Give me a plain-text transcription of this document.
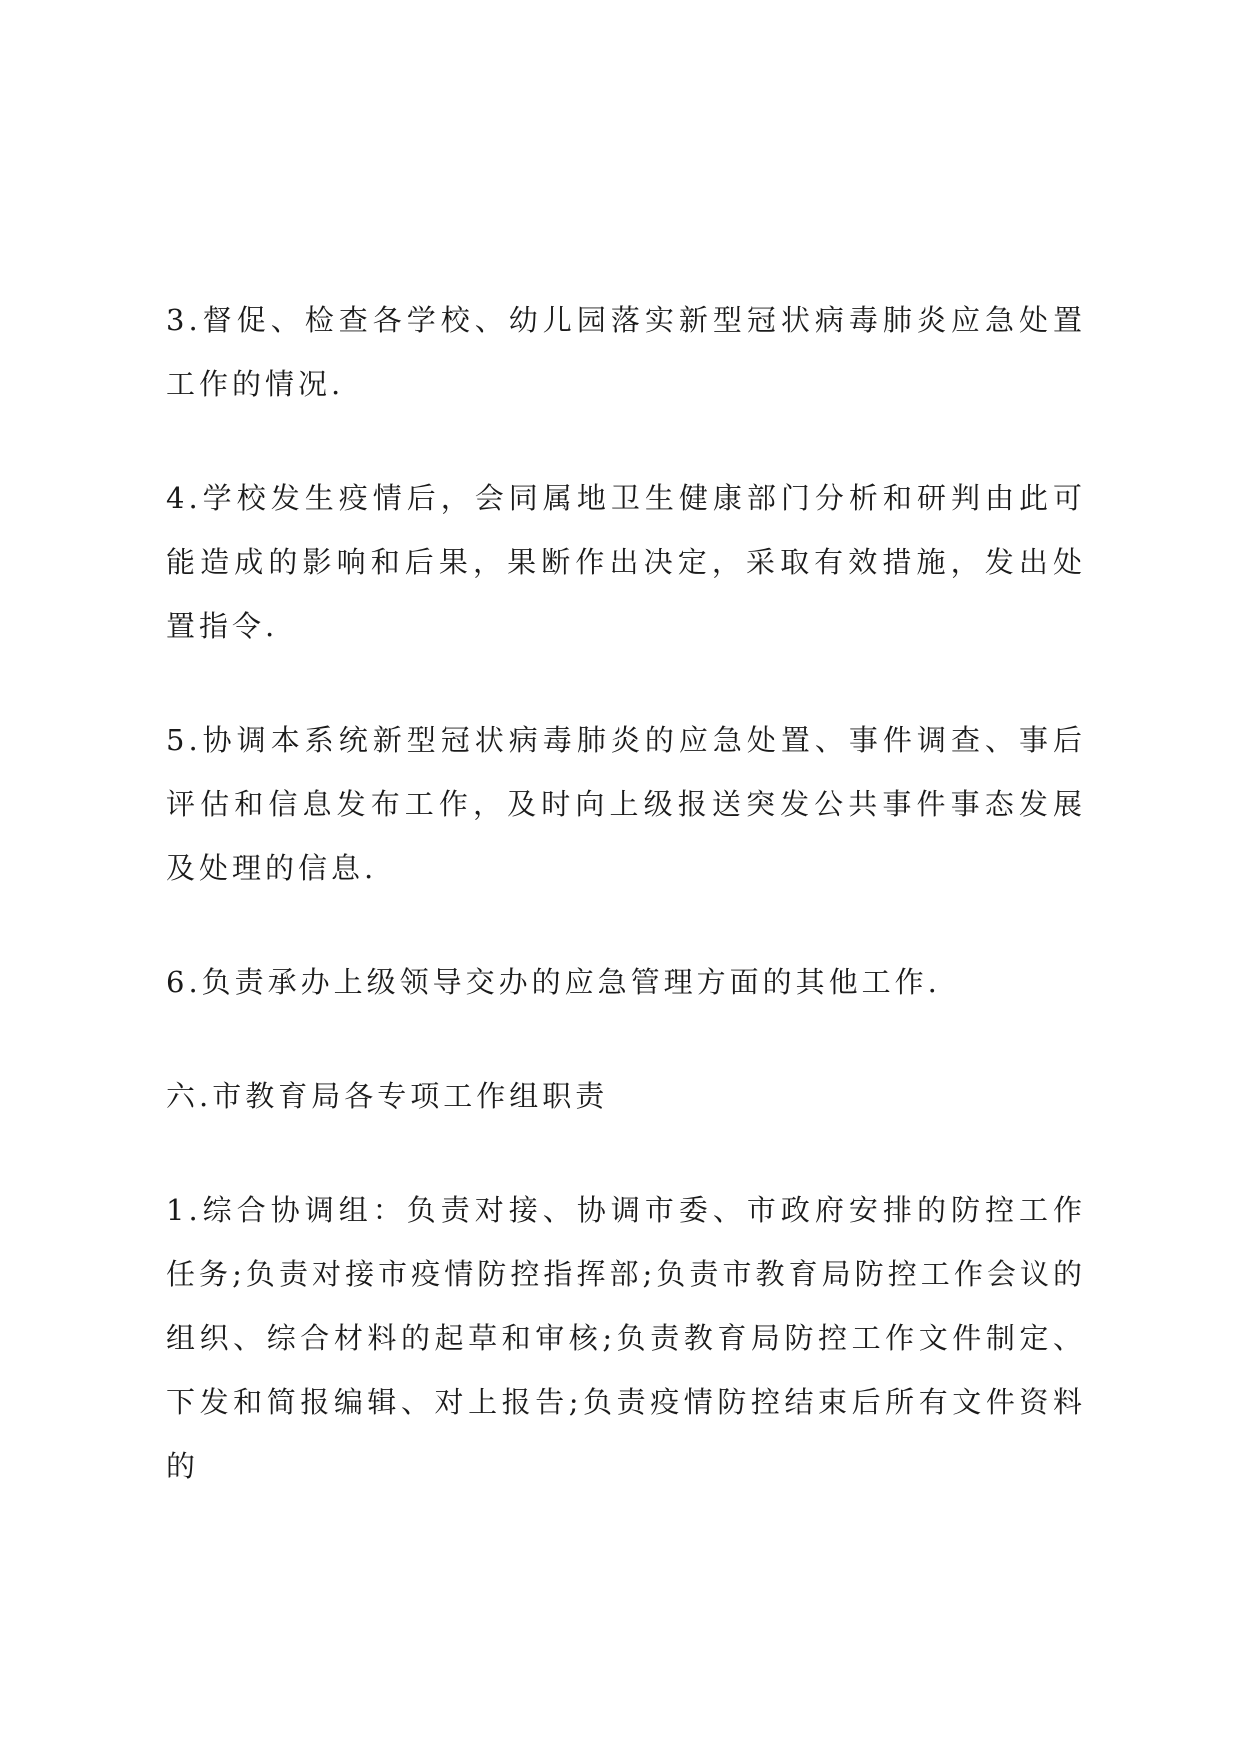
3.督促、检查各学校、幼儿园落实新型冠状病毒肺炎应急处置工作的情况.

4.学校发生疫情后，会同属地卫生健康部门分析和研判由此可能造成的影响和后果，果断作出决定，采取有效措施，发出处置指令.

5.协调本系统新型冠状病毒肺炎的应急处置、事件调查、事后评估和信息发布工作，及时向上级报送突发公共事件事态发展及处理的信息.

6.负责承办上级领导交办的应急管理方面的其他工作.

六.市教育局各专项工作组职责

1.综合协调组：负责对接、协调市委、市政府安排的防控工作任务;负责对接市疫情防控指挥部;负责市教育局防控工作会议的组织、综合材料的起草和审核;负责教育局防控工作文件制定、下发和简报编辑、对上报告;负责疫情防控结束后所有文件资料的
